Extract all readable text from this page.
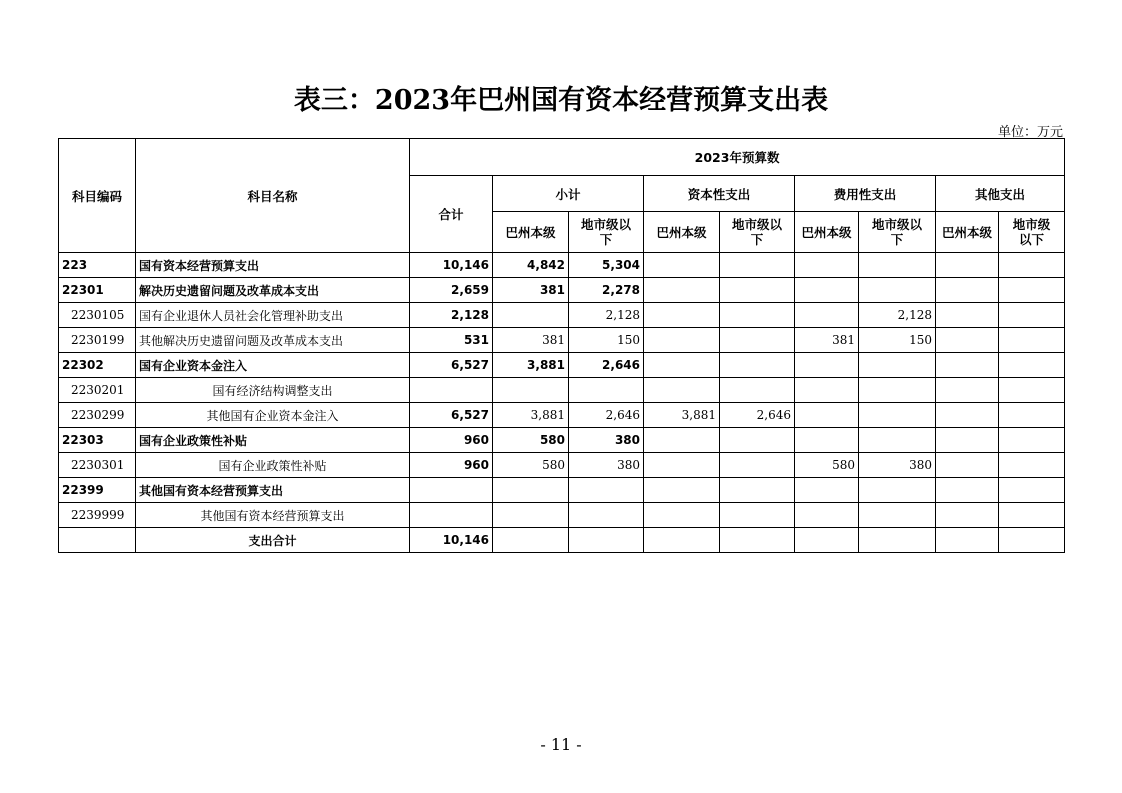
表三：2023年巴州国有资本经营预算支出表
单位：万元
科目编码	科目名称	2023年预算数								
		合计	小计		资本性支出		费用性支出		其他支出	
			巴州本级	地市级以下	巴州本级	地市级以下	巴州本级	地市级以下	巴州本级	地市级以下
223	国有资本经营预算支出	10,146	4,842	5,304						
22301	解决历史遗留问题及改革成本支出	2,659	381	2,278						
2230105	国有企业退休人员社会化管理补助支出	2,128		2,128				2,128		
2230199	其他解决历史遗留问题及改革成本支出	531	381	150			381	150		
22302	国有企业资本金注入	6,527	3,881	2,646						
2230201	国有经济结构调整支出									
2230299	其他国有企业资本金注入	6,527	3,881	2,646	3,881	2,646				
22303	国有企业政策性补贴	960	580	380						
2230301	国有企业政策性补贴	960	580	380			580	380		
22399	其他国有资本经营预算支出									
2239999	其他国有资本经营预算支出									
	支出合计	10,146								
- 11 -
